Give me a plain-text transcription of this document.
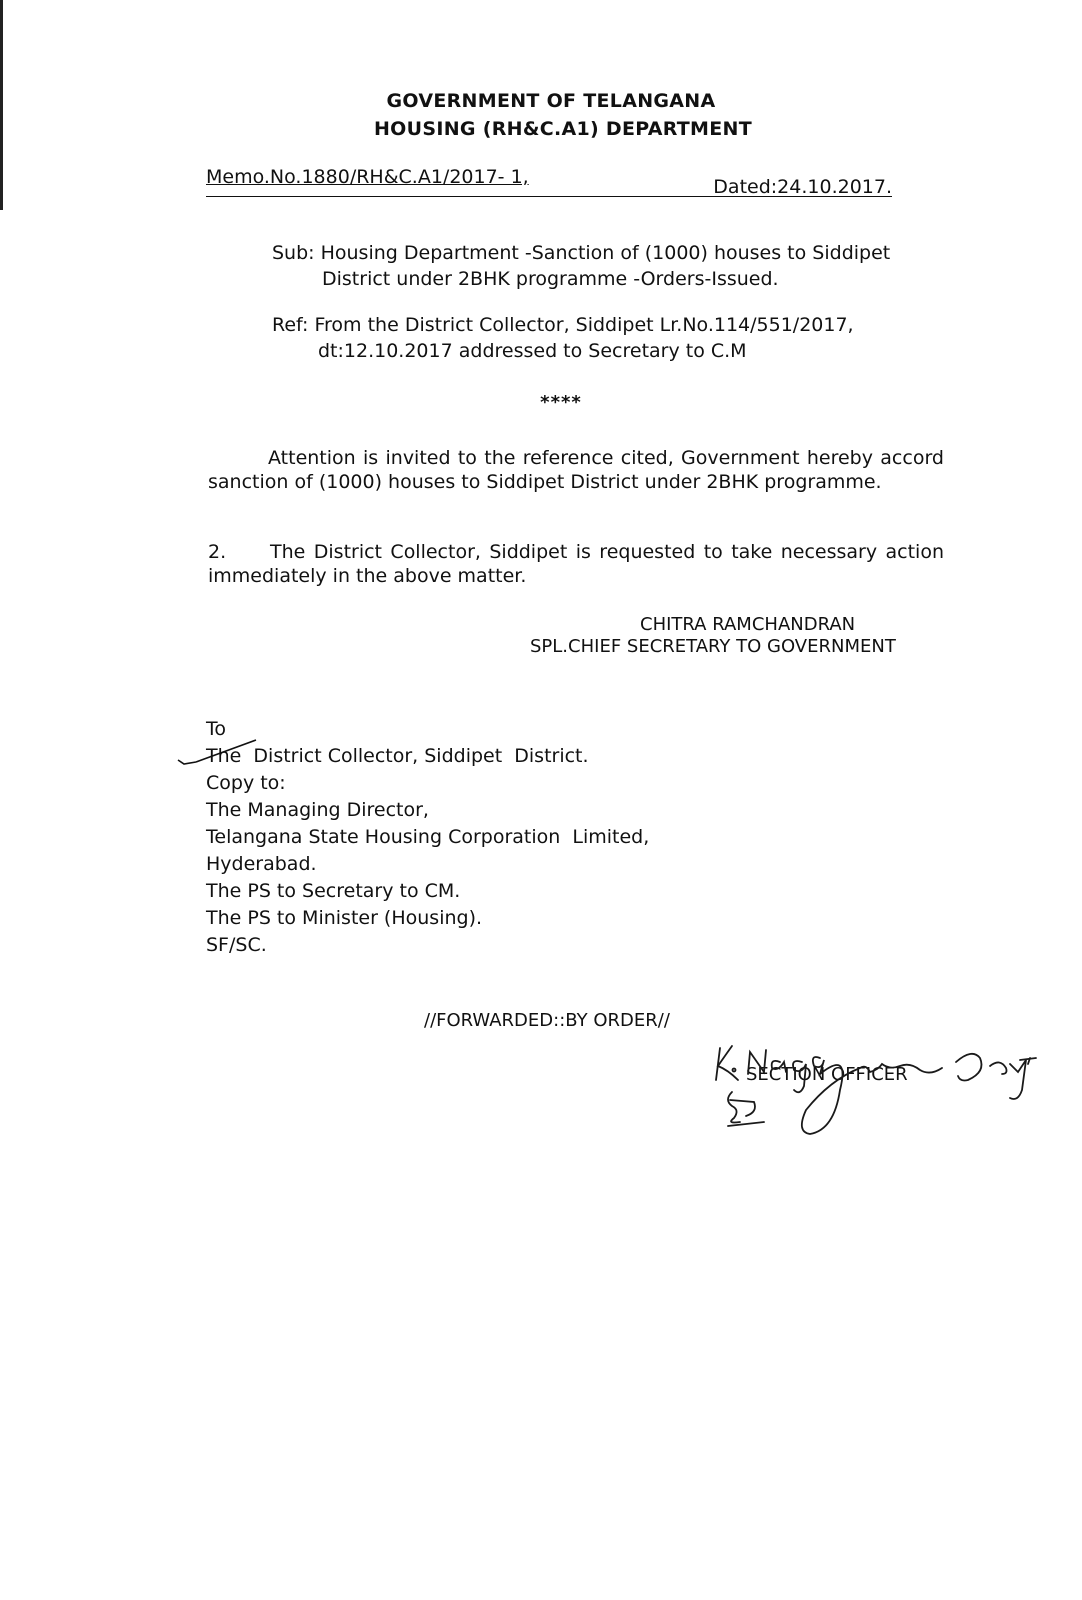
GOVERNMENT OF TELANGANA
HOUSING (RH&C.A1) DEPARTMENT
Memo.No.1880/RH&C.A1/2017- 1,	Dated:24.10.2017.
Sub: Housing Department -Sanction of (1000) houses to Siddipet
District under 2BHK programme -Orders-Issued.
Ref: From the District Collector, Siddipet Lr.No.114/551/2017,
dt:12.10.2017 addressed to Secretary to C.M
****
Attention is invited to the reference cited, Government hereby accord sanction of (1000) houses to Siddipet District under 2BHK programme.
2. The District Collector, Siddipet is requested to take necessary action immediately in the above matter.
CHITRA RAMCHANDRAN
SPL.CHIEF SECRETARY TO GOVERNMENT
To
The  District Collector, Siddipet  District.
Copy to:
The Managing Director,
Telangana State Housing Corporation  Limited,
Hyderabad.
The PS to Secretary to CM.
The PS to Minister (Housing).
SF/SC.
//FORWARDED::BY ORDER//
SECTION OFFICER
